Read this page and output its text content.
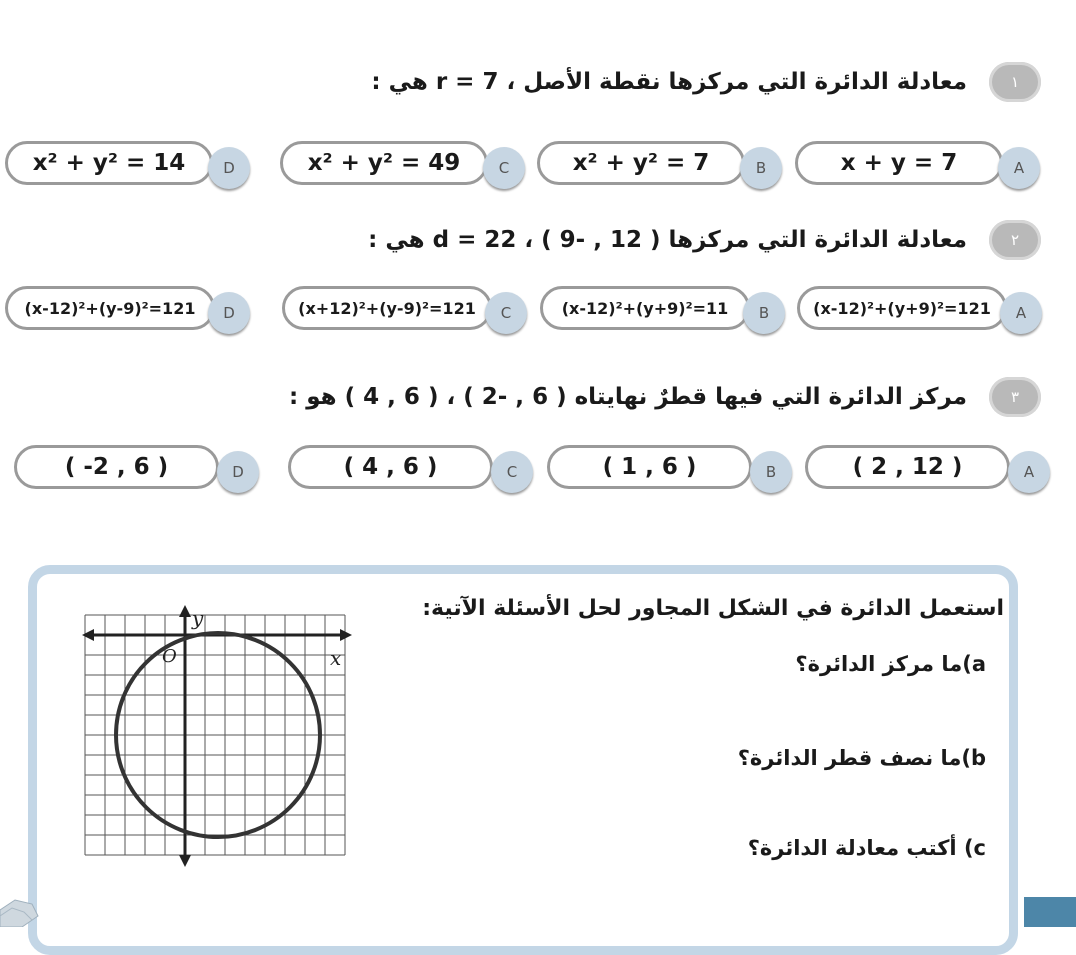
١
معادلة الدائرة التي مركزها نقطة الأصل ، r = 7 هي :
x + y = 7	A
x² + y² = 7	B
x² + y² = 49	C
x² + y² = 14	D
٢
معادلة الدائرة التي مركزها ( 12 , -9 ) ، d = 22 هي :
(x-12)²+(y+9)²=121	A
(x-12)²+(y+9)²=11	B
(x+12)²+(y-9)²=121	C
(x-12)²+(y-9)²=121	D
٣
مركز الدائرة التي فيها قطرٌ نهايتاه ( 6 , -2 ) ، ( 6 , 4 ) هو :
( 2 , 12 )	A
( 1 , 6 )	B
( 4 , 6 )	C
( -2 , 6 )	D
استعمل الدائرة في الشكل المجاور لحل الأسئلة الآتية:
a)ما مركز الدائرة؟
b)ما نصف قطر الدائرة؟
c) أكتب معادلة الدائرة؟
y
x
O
